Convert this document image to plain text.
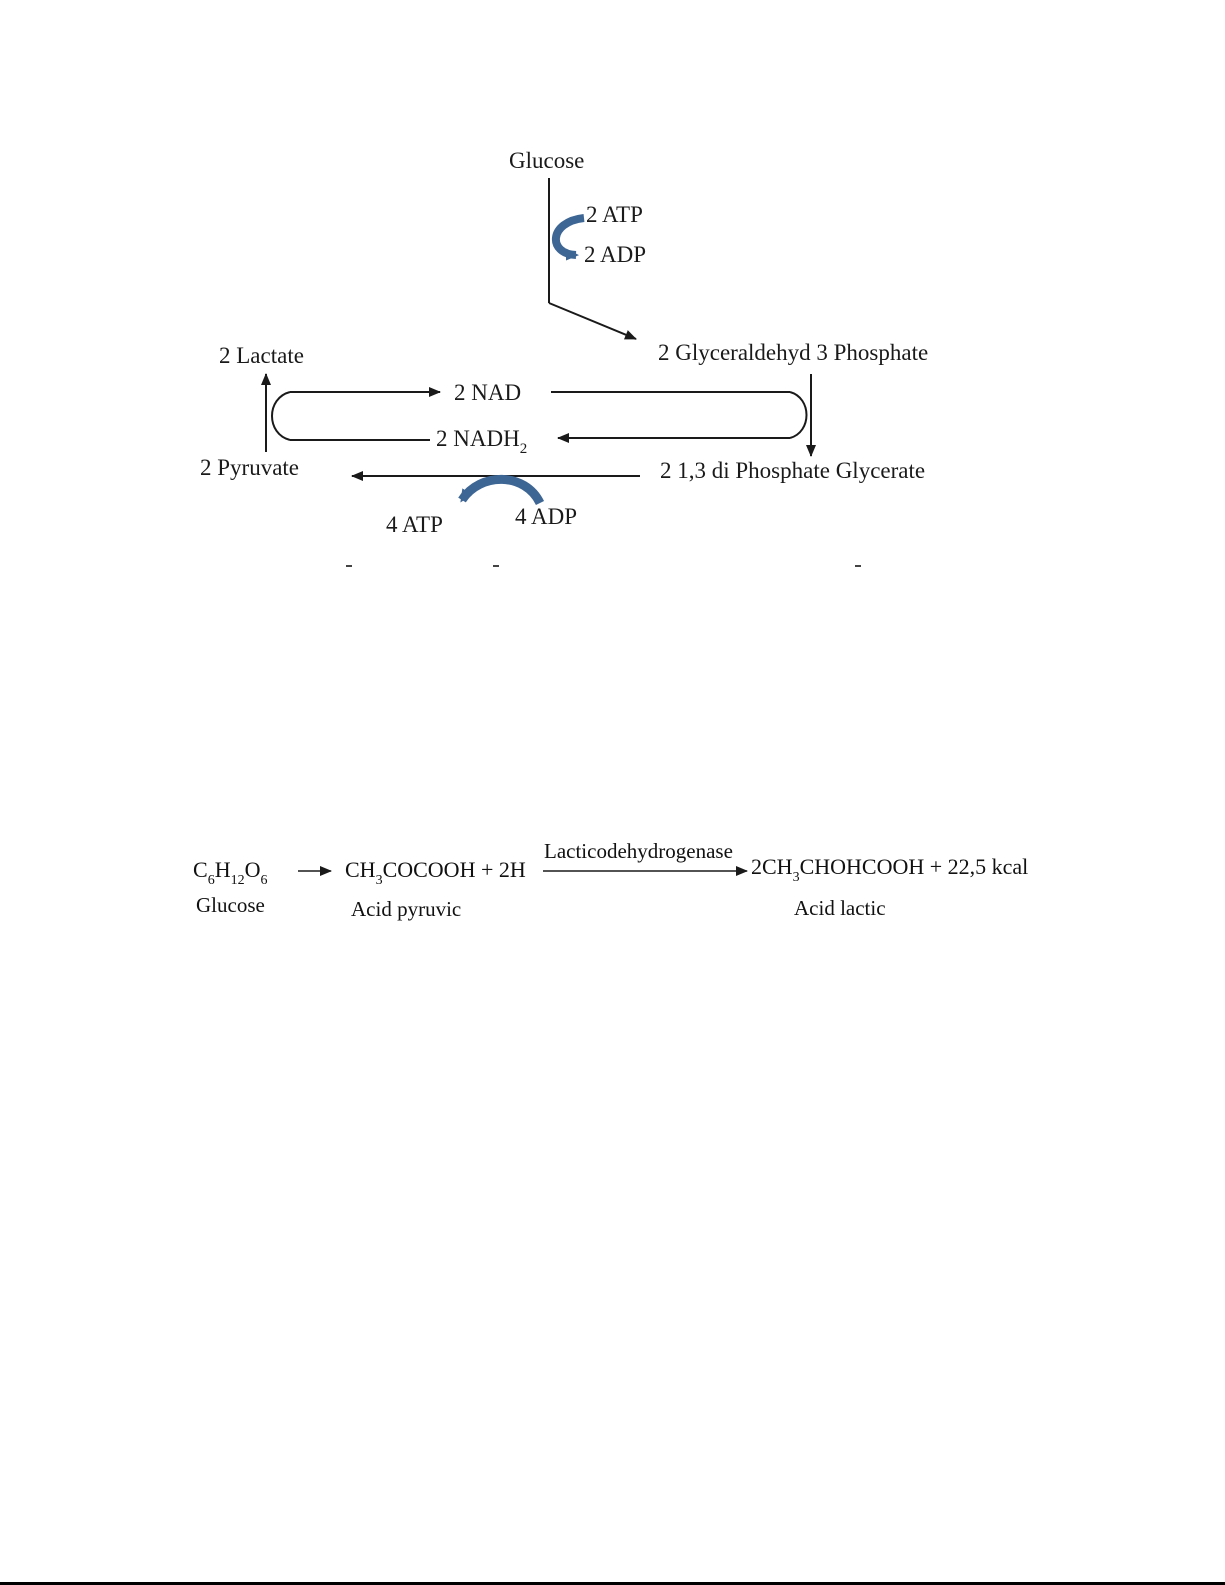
Glucose
2 ATP
2 ADP
2 Glyceraldehyd 3 Phosphate
2 Lactate
2 NAD
2 $NADH_2$
2 Pyruvate	2 1,3 di Phosphate Glycerate
4 ATP	4 ADP
$C_6H_{12}O_6$
Glucose
$CH_3COCOOH + 2H$
Acid pyruvic
Lacticodehydrogenase
$2CH_3CHOHCOOH + 22,5$ kcal
Acid lactic
